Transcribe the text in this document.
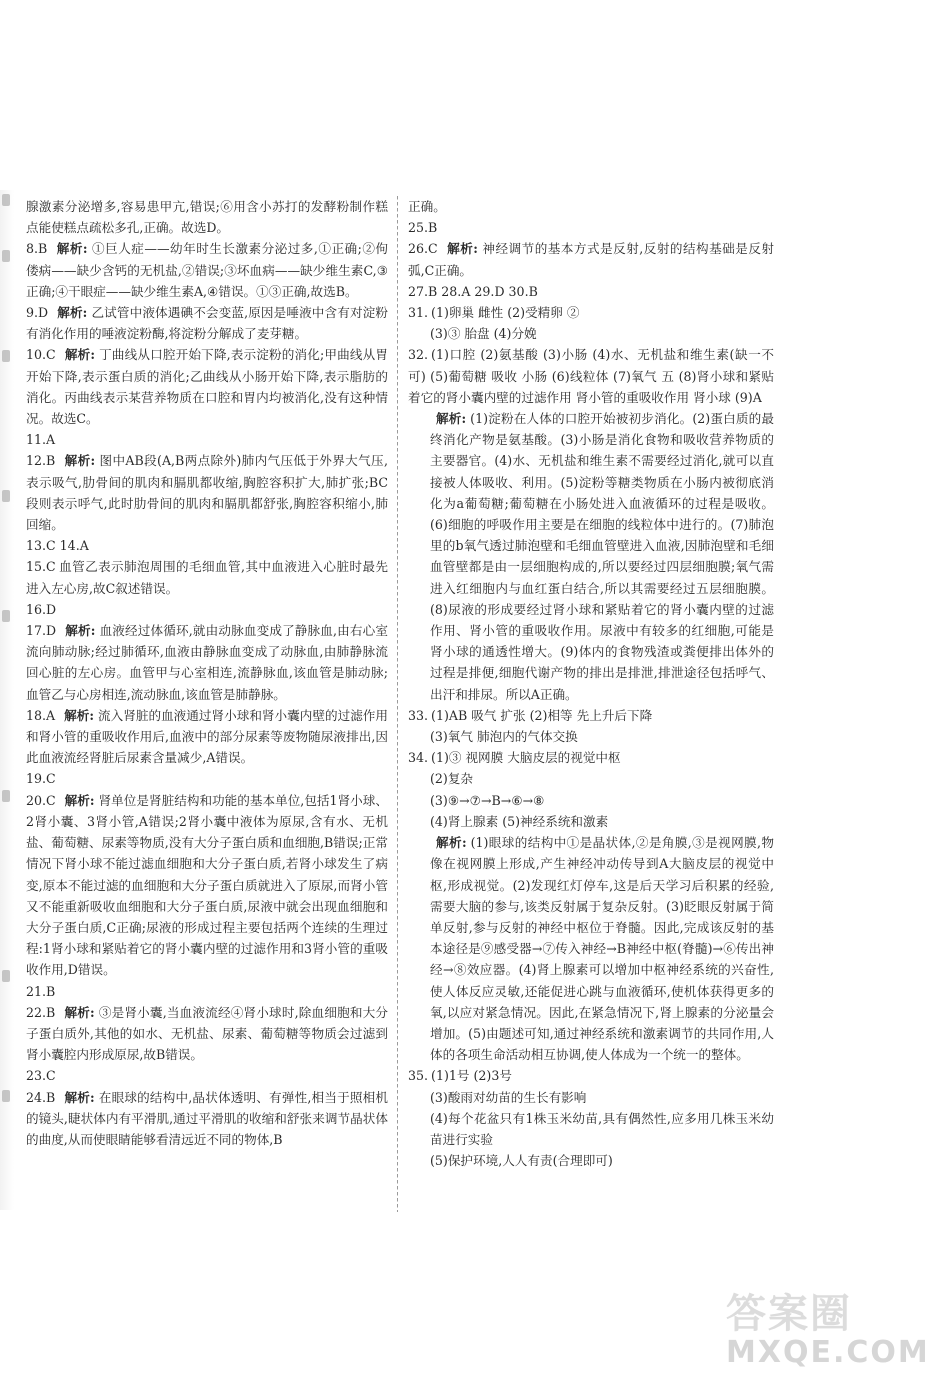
腺激素分泌增多,容易患甲亢,错误;⑥用含小苏打的发酵粉制作糕点能使糕点疏松多孔,正确。故选D。

8.B 解析: ①巨人症——幼年时生长激素分泌过多,①正确;②佝偻病——缺少含钙的无机盐,②错误;③坏血病——缺少维生素C,③正确;④干眼症——缺少维生素A,④错误。①③正确,故选B。

9.D 解析: 乙试管中液体遇碘不会变蓝,原因是唾液中含有对淀粉有消化作用的唾液淀粉酶,将淀粉分解成了麦芽糖。

10.C 解析: 丁曲线从口腔开始下降,表示淀粉的消化;甲曲线从胃开始下降,表示蛋白质的消化;乙曲线从小肠开始下降,表示脂肪的消化。丙曲线表示某营养物质在口腔和胃内均被消化,没有这种情况。故选C。

11.A

12.B 解析: 图中AB段(A,B两点除外)肺内气压低于外界大气压,表示吸气,肋骨间的肌肉和膈肌都收缩,胸腔容积扩大,肺扩张;BC段则表示呼气,此时肋骨间的肌肉和膈肌都舒张,胸腔容积缩小,肺回缩。

13.C 14.A

15.C 血管乙表示肺泡周围的毛细血管,其中血液进入心脏时最先进入左心房,故C叙述错误。

16.D

17.D 解析: 血液经过体循环,就由动脉血变成了静脉血,由右心室流向肺动脉;经过肺循环,血液由静脉血变成了动脉血,由肺静脉流回心脏的左心房。血管甲与心室相连,流静脉血,该血管是肺动脉;血管乙与心房相连,流动脉血,该血管是肺静脉。

18.A 解析: 流入肾脏的血液通过肾小球和肾小囊内壁的过滤作用和肾小管的重吸收作用后,血液中的部分尿素等废物随尿液排出,因此血液流经肾脏后尿素含量减少,A错误。

19.C

20.C 解析: 肾单位是肾脏结构和功能的基本单位,包括1肾小球、2肾小囊、3肾小管,A错误;2肾小囊中液体为原尿,含有水、无机盐、葡萄糖、尿素等物质,没有大分子蛋白质和血细胞,B错误;正常情况下肾小球不能过滤血细胞和大分子蛋白质,若肾小球发生了病变,原本不能过滤的血细胞和大分子蛋白质就进入了原尿,而肾小管又不能重新吸收血细胞和大分子蛋白质,尿液中就会出现血细胞和大分子蛋白质,C正确;尿液的形成过程主要包括两个连续的生理过程:1肾小球和紧贴着它的肾小囊内壁的过滤作用和3肾小管的重吸收作用,D错误。

21.B

22.B 解析: ③是肾小囊,当血液流经④肾小球时,除血细胞和大分子蛋白质外,其他的如水、无机盐、尿素、葡萄糖等物质会过滤到肾小囊腔内形成原尿,故B错误。

23.C

24.B 解析: 在眼球的结构中,晶状体透明、有弹性,相当于照相机的镜头,睫状体内有平滑肌,通过平滑肌的收缩和舒张来调节晶状体的曲度,从而使眼睛能够看清远近不同的物体,B

正确。

25.B

26.C 解析: 神经调节的基本方式是反射,反射的结构基础是反射弧,C正确。

27.B 28.A 29.D 30.B

31. (1)卵巢 雌性 (2)受精卵 ②

(3)③ 胎盘 (4)分娩

32. (1)口腔 (2)氨基酸 (3)小肠 (4)水、无机盐和维生素(缺一不可) (5)葡萄糖 吸收 小肠 (6)线粒体 (7)氧气 五 (8)肾小球和紧贴着它的肾小囊内壁的过滤作用 肾小管的重吸收作用 肾小球 (9)A

解析: (1)淀粉在人体的口腔开始被初步消化。(2)蛋白质的最终消化产物是氨基酸。(3)小肠是消化食物和吸收营养物质的主要器官。(4)水、无机盐和维生素不需要经过消化,就可以直接被人体吸收、利用。(5)淀粉等糖类物质在小肠内被彻底消化为a葡萄糖;葡萄糖在小肠处进入血液循环的过程是吸收。(6)细胞的呼吸作用主要是在细胞的线粒体中进行的。(7)肺泡里的b氧气透过肺泡壁和毛细血管壁进入血液,因肺泡壁和毛细血管壁都是由一层细胞构成的,所以要经过四层细胞膜;氧气需进入红细胞内与血红蛋白结合,所以其需要经过五层细胞膜。(8)尿液的形成要经过肾小球和紧贴着它的肾小囊内壁的过滤作用、肾小管的重吸收作用。尿液中有较多的红细胞,可能是肾小球的通透性增大。(9)体内的食物残渣或粪便排出体外的过程是排便,细胞代谢产物的排出是排泄,排泄途径包括呼气、出汗和排尿。所以A正确。

33. (1)AB 吸气 扩张 (2)相等 先上升后下降

(3)氧气 肺泡内的气体交换

34. (1)③ 视网膜 大脑皮层的视觉中枢

(2)复杂

(3)⑨→⑦→B→⑥→⑧

(4)肾上腺素 (5)神经系统和激素

解析: (1)眼球的结构中①是晶状体,②是角膜,③是视网膜,物像在视网膜上形成,产生神经冲动传导到A大脑皮层的视觉中枢,形成视觉。(2)发现红灯停车,这是后天学习后积累的经验,需要大脑的参与,该类反射属于复杂反射。(3)眨眼反射属于简单反射,参与反射的神经中枢位于脊髓。因此,完成该反射的基本途径是⑨感受器→⑦传入神经→B神经中枢(脊髓)→⑥传出神经→⑧效应器。(4)肾上腺素可以增加中枢神经系统的兴奋性,使人体反应灵敏,还能促进心跳与血液循环,使机体获得更多的氧,以应对紧急情况。因此,在紧急情况下,肾上腺素的分泌量会增加。(5)由题述可知,通过神经系统和激素调节的共同作用,人体的各项生命活动相互协调,使人体成为一个统一的整体。

35. (1)1号 (2)3号

(3)酸雨对幼苗的生长有影响

(4)每个花盆只有1株玉米幼苗,具有偶然性,应多用几株玉米幼苗进行实验

(5)保护环境,人人有责(合理即可)

答案圈
MXQE.COM
